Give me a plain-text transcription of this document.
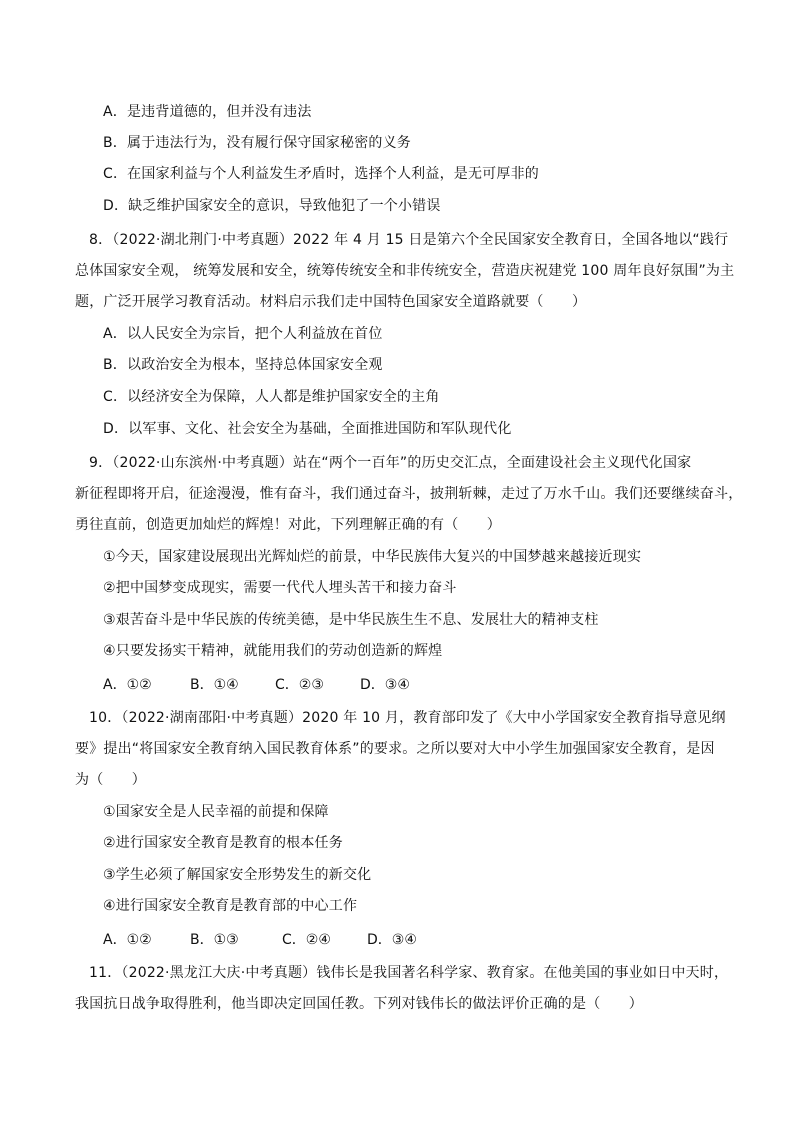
A．是违背道德的，但并没有违法
B．属于违法行为，没有履行保守国家秘密的义务
C．在国家利益与个人利益发生矛盾时，选择个人利益，是无可厚非的
D．缺乏维护国家安全的意识，导致他犯了一个小错误
8．（2022·湖北荆门·中考真题）2022 年 4 月 15 日是第六个全民国家安全教育日，全国各地以“践行
总体国家安全观， 统筹发展和安全，统筹传统安全和非传统安全，营造庆祝建党 100 周年良好氛围”为主
题，广泛开展学习教育活动。材料启示我们走中国特色国家安全道路就要（　　）
A．以人民安全为宗旨，把个人利益放在首位
B．以政治安全为根本，坚持总体国家安全观
C．以经济安全为保障，人人都是维护国家安全的主角
D．以军事、文化、社会安全为基础，全面推进国防和军队现代化
9．（2022·山东滨州·中考真题）站在“两个一百年”的历史交汇点，全面建设社会主义现代化国家
新征程即将开启，征途漫漫，惟有奋斗，我们通过奋斗，披荆斩棘，走过了万水千山。我们还要继续奋斗，
勇往直前，创造更加灿烂的辉煌！对此，下列理解正确的有（　　）
①今天，国家建设展现出光辉灿烂的前景，中华民族伟大复兴的中国梦越来越接近现实
②把中国梦变成现实，需要一代代人埋头苦干和接力奋斗
③艰苦奋斗是中华民族的传统美德，是中华民族生生不息、发展壮大的精神支柱
④只要发扬实干精神，就能用我们的劳动创造新的辉煌
A．①②	B．①④	C．②③	D．③④
10．（2022·湖南邵阳·中考真题）2020 年 10 月，教育部印发了《大中小学国家安全教育指导意见纲
要》提出“将国家安全教育纳入国民教育体系”的要求。之所以要对大中小学生加强国家安全教育，是因
为（　　）
①国家安全是人民幸福的前提和保障
②进行国家安全教育是教育的根本任务
③学生必须了解国家安全形势发生的新交化
④进行国家安全教育是教育部的中心工作
A．①②	B．①③	C．②④	D．③④
11．（2022·黑龙江大庆·中考真题）钱伟长是我国著名科学家、教育家。在他美国的事业如日中天时，
我国抗日战争取得胜利，他当即决定回国任教。下列对钱伟长的做法评价正确的是（　　）
